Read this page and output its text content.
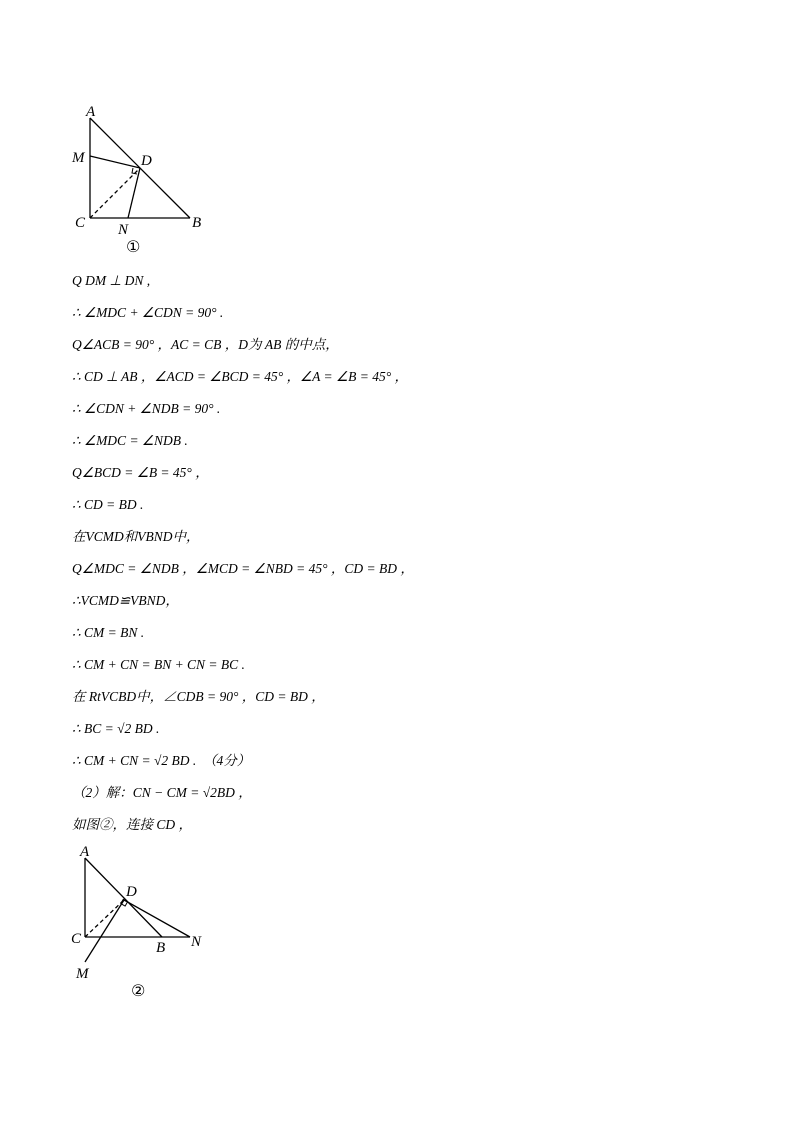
A
M	D
C N	B
①
Q DM ⊥ DN ,
∴ ∠MDC + ∠CDN = 90° .
Q∠ACB = 90° ，AC = CB ，D为 AB 的中点，
∴ CD ⊥ AB ，∠ACD = ∠BCD = 45° ，∠A = ∠B = 45° ，
∴ ∠CDN + ∠NDB = 90° .
∴ ∠MDC = ∠NDB .
Q∠BCD = ∠B = 45° ，
∴ CD = BD .
在VCMD和VBND中，
Q∠MDC = ∠NDB ，∠MCD = ∠NBD = 45° ，CD = BD ，
∴VCMD≌VBND，
∴ CM = BN .
∴ CM + CN = BN + CN = BC .
在 RtVCBD中，∠CDB = 90° ，CD = BD ，
∴ BC = √2 BD .
∴ CM + CN = √2 BD .　（4分）
（2）解：CN − CM = √2BD ，
如图②，连接 CD ，
A
D
C
B N
M
②
